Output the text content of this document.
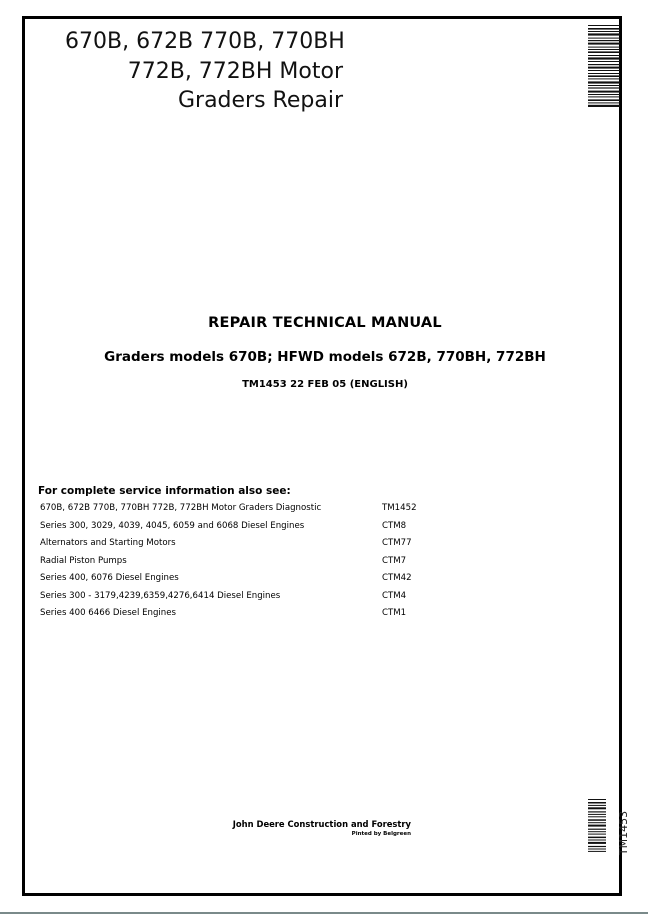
670B, 672B 770B, 770BH
772B, 772BH Motor
Graders Repair
REPAIR TECHNICAL MANUAL
Graders models 670B; HFWD models 672B, 770BH, 772BH
TM1453 22 FEB 05 (ENGLISH)
For complete service information also see:
670B, 672B 770B, 770BH 772B, 772BH Motor Graders Diagnostic	TM1452
Series 300, 3029, 4039, 4045, 6059 and 6068 Diesel Engines	CTM8
Alternators and Starting Motors	CTM77
Radial Piston Pumps	CTM7
Series 400, 6076 Diesel Engines	CTM42
Series 300 - 3179,4239,6359,4276,6414 Diesel Engines	CTM4
Series 400 6466 Diesel Engines	CTM1
John Deere Construction and Forestry
Pinted by Belgreen	TM1453
